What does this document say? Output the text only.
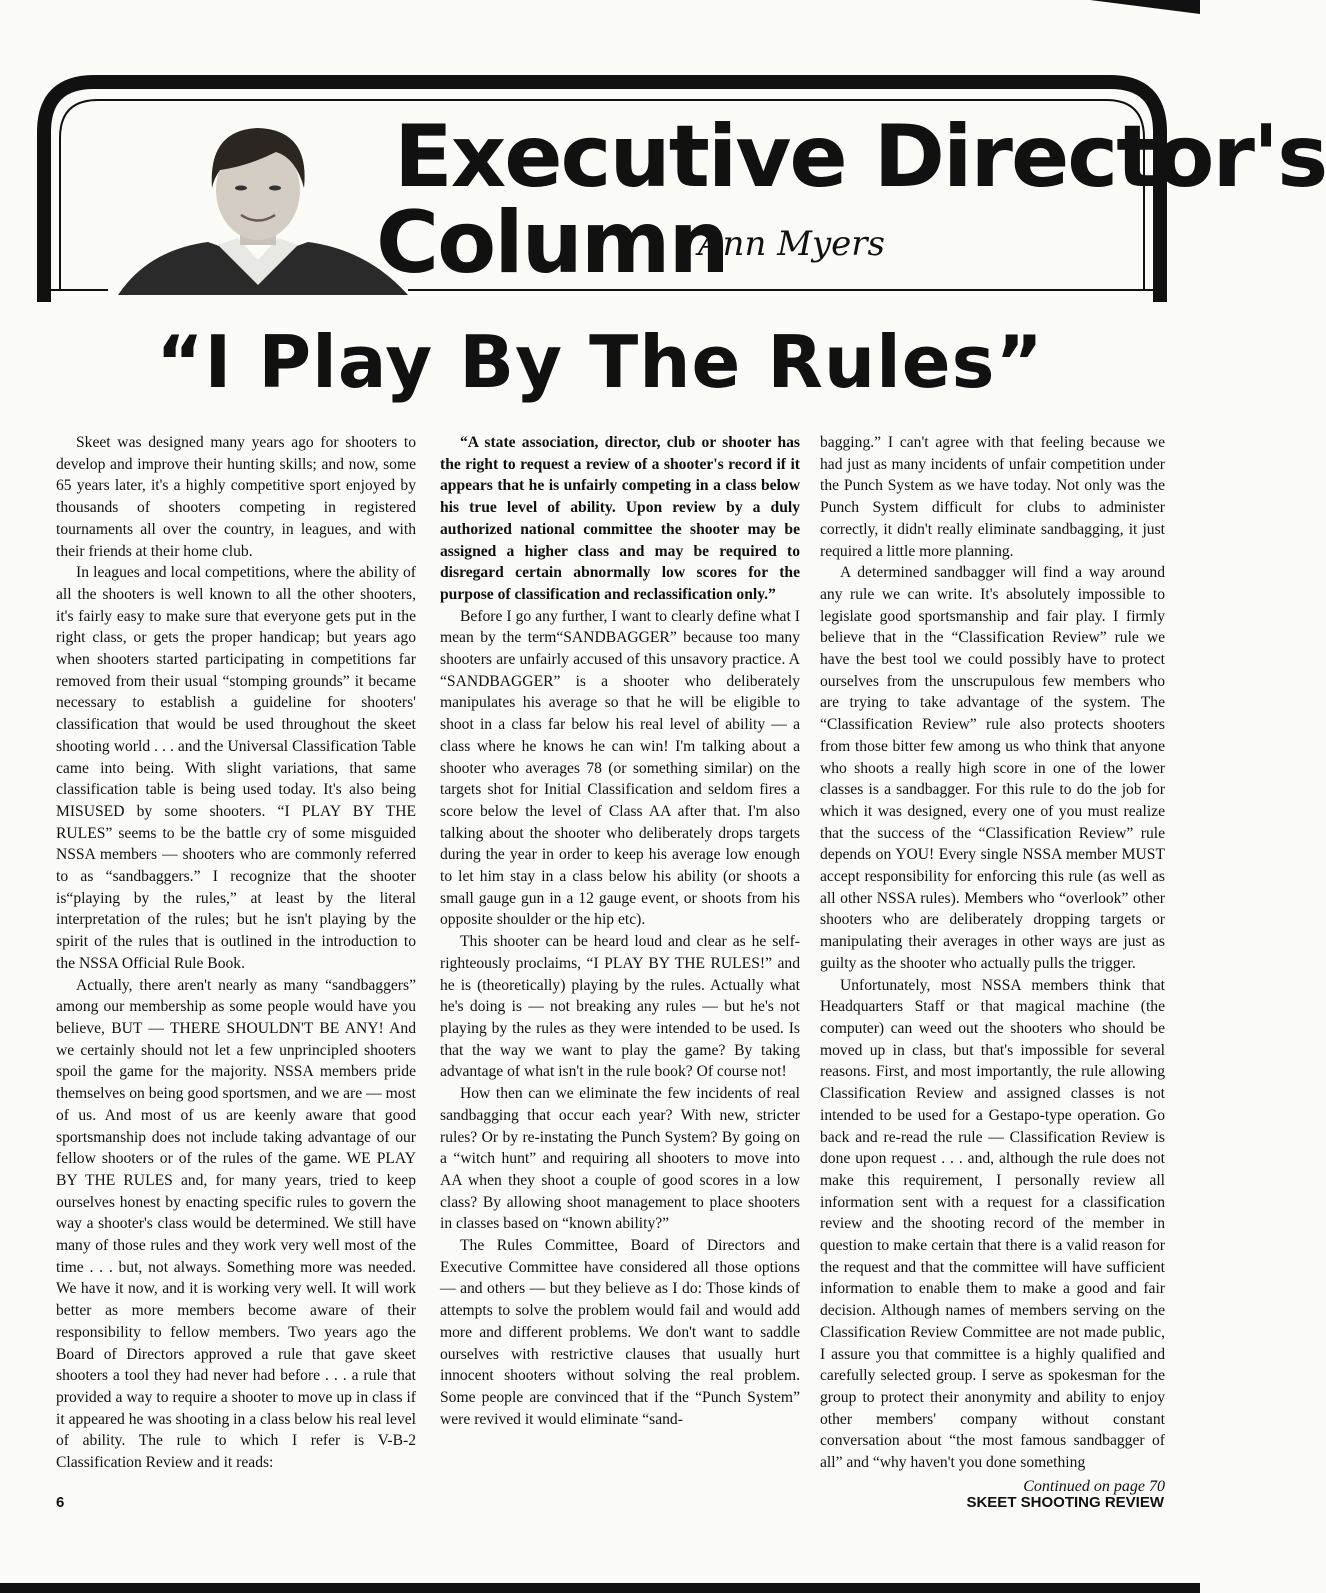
Executive Director's
Column
Ann Myers
“I Play By The Rules”

Skeet was designed many years ago for shooters to develop and improve their hunting skills; and now, some 65 years later, it's a highly competitive sport enjoyed by thousands of shooters competing in registered tournaments all over the country, in leagues, and with their friends at their home club.

In leagues and local competitions, where the ability of all the shooters is well known to all the other shooters, it's fairly easy to make sure that everyone gets put in the right class, or gets the proper handicap; but years ago when shooters started participating in competitions far removed from their usual “stomping grounds” it became necessary to establish a guideline for shooters' classification that would be used throughout the skeet shooting world . . . and the Universal Classification Table came into being. With slight variations, that same classification table is being used today. It's also being MISUSED by some shooters. “I PLAY BY THE RULES” seems to be the battle cry of some misguided NSSA members — shooters who are commonly referred to as “sandbaggers.” I recognize that the shooter is“playing by the rules,” at least by the literal interpretation of the rules; but he isn't playing by the spirit of the rules that is outlined in the introduction to the NSSA Official Rule Book.

Actually, there aren't nearly as many “sandbaggers” among our membership as some people would have you believe, BUT — THERE SHOULDN'T BE ANY! And we certainly should not let a few unprincipled shooters spoil the game for the majority. NSSA members pride themselves on being good sportsmen, and we are — most of us. And most of us are keenly aware that good sportsmanship does not include taking advantage of our fellow shooters or of the rules of the game. WE PLAY BY THE RULES and, for many years, tried to keep ourselves honest by enacting specific rules to govern the way a shooter's class would be determined. We still have many of those rules and they work very well most of the time . . . but, not always. Something more was needed. We have it now, and it is working very well. It will work better as more members become aware of their responsibility to fellow members. Two years ago the Board of Directors approved a rule that gave skeet shooters a tool they had never had before . . . a rule that provided a way to require a shooter to move up in class if it appeared he was shooting in a class below his real level of ability. The rule to which I refer is V-B-2 Classification Review and it reads:

“A state association, director, club or shooter has the right to request a review of a shooter's record if it appears that he is unfairly competing in a class below his true level of ability. Upon review by a duly authorized national committee the shooter may be assigned a higher class and may be required to disregard certain abnormally low scores for the purpose of classification and reclassification only.”

Before I go any further, I want to clearly define what I mean by the term“SANDBAGGER” because too many shooters are unfairly accused of this unsavory practice. A “SANDBAGGER” is a shooter who deliberately manipulates his average so that he will be eligible to shoot in a class far below his real level of ability — a class where he knows he can win! I'm talking about a shooter who averages 78 (or something similar) on the targets shot for Initial Classification and seldom fires a score below the level of Class AA after that. I'm also talking about the shooter who deliberately drops targets during the year in order to keep his average low enough to let him stay in a class below his ability (or shoots a small gauge gun in a 12 gauge event, or shoots from his opposite shoulder or the hip etc).

This shooter can be heard loud and clear as he self-righteously proclaims, “I PLAY BY THE RULES!” and he is (theoretically) playing by the rules. Actually what he's doing is — not breaking any rules — but he's not playing by the rules as they were intended to be used. Is that the way we want to play the game? By taking advantage of what isn't in the rule book? Of course not!

How then can we eliminate the few incidents of real sandbagging that occur each year? With new, stricter rules? Or by re-instating the Punch System? By going on a “witch hunt” and requiring all shooters to move into AA when they shoot a couple of good scores in a low class? By allowing shoot management to place shooters in classes based on “known ability?”

The Rules Committee, Board of Directors and Executive Committee have considered all those options — and others — but they believe as I do: Those kinds of attempts to solve the problem would fail and would add more and different problems. We don't want to saddle ourselves with restrictive clauses that usually hurt innocent shooters without solving the real problem. Some people are convinced that if the “Punch System” were revived it would eliminate “sand-

bagging.” I can't agree with that feeling because we had just as many incidents of unfair competition under the Punch System as we have today. Not only was the Punch System difficult for clubs to administer correctly, it didn't really eliminate sandbagging, it just required a little more planning.

A determined sandbagger will find a way around any rule we can write. It's absolutely impossible to legislate good sportsmanship and fair play. I firmly believe that in the “Classification Review” rule we have the best tool we could possibly have to protect ourselves from the unscrupulous few members who are trying to take advantage of the system. The “Classification Review” rule also protects shooters from those bitter few among us who think that anyone who shoots a really high score in one of the lower classes is a sandbagger. For this rule to do the job for which it was designed, every one of you must realize that the success of the “Classification Review” rule depends on YOU! Every single NSSA member MUST accept responsibility for enforcing this rule (as well as all other NSSA rules). Members who “overlook” other shooters who are deliberately dropping targets or manipulating their averages in other ways are just as guilty as the shooter who actually pulls the trigger.

Unfortunately, most NSSA members think that Headquarters Staff or that magical machine (the computer) can weed out the shooters who should be moved up in class, but that's impossible for several reasons. First, and most importantly, the rule allowing Classification Review and assigned classes is not intended to be used for a Gestapo-type operation. Go back and re-read the rule — Classification Review is done upon request . . . and, although the rule does not make this requirement, I personally review all information sent with a request for a classification review and the shooting record of the member in question to make certain that there is a valid reason for the request and that the committee will have sufficient information to enable them to make a good and fair decision. Although names of members serving on the Classification Review Committee are not made public, I assure you that committee is a highly qualified and carefully selected group. I serve as spokesman for the group to protect their anonymity and ability to enjoy other members' company without constant conversation about “the most famous sandbagger of all” and “why haven't you done something

Continued on page 70
6	SKEET SHOOTING REVIEW
